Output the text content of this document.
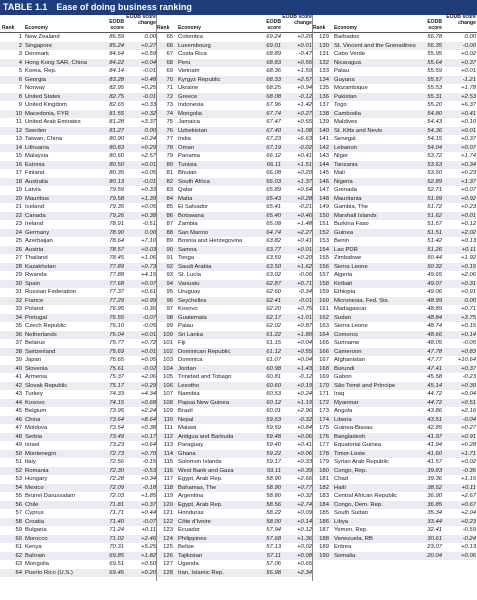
TABLE 1.1 Ease of doing business ranking
Rank	Economy
EODB score
EODB score change
Rank	Economy
EODB score
EODB score change
Rank	Economy
EODB score
EODB score change
1 New Zealand	86.59	0.00	65 Colombia	69.24	+0.20	129 Barbados	56.78	0.00
2 Singapore	85.24	+0.27	66 Luxembourg	69.01	+0.01	130 St. Vincent and the Grenadines	56.35	-0.00
3 Denmark	84.64	+0.59	67 Costa Rica	68.89	-0.47	131 Cabo Verde	55.95	+0.02
4 Hong Kong SAR, China	84.22	+0.04	68 Peru	68.83	+0.56	132 Nicaragua	55.64	+0.37
5 Korea, Rep.	84.14	-0.01	69 Vietnam	68.36	+1.59	133 Palau	55.59	+0.01
6 Georgia	83.28	+0.48	70 Kyrgyz Republic	68.33	+2.57	134 Guyana	55.57	-1.21
7 Norway	82.95	+0.25	71 Ukraine	68.25	+0.94	135 Mozambique	55.53	+1.78
8 United States	82.75	-0.01	72 Greece	68.08	-0.12	136 Pakistan	55.31	+2.53
9 United Kingdom	82.65	+0.33	73 Indonesia	67.96	+1.42	137 Togo	55.20	+6.37
10 Macedonia, FYR	81.55	+0.32	74 Mongolia	67.74	+0.27	138 Cambodia	54.80	+0.41
11 United Arab Emirates	81.28	+3.37	75 Jamaica	67.47	+0.55	139 Maldives	54.43	+0.10
12 Sweden	81.27	0.00	76 Uzbekistan	67.40	+1.08	140 St. Kitts and Nevis	54.36	+0.01
13 Taiwan, China	80.90	+0.24	77 India	67.23	+6.63	141 Senegal	54.15	+0.37
14 Lithuania	80.83	+0.29	78 Oman	67.19	-0.02	142 Lebanon	54.04	+0.07
15 Malaysia	80.60	+2.57	79 Panama	66.12	+0.41	143 Niger	53.72	+1.74
16 Estonia	80.50	+0.01	80 Tunisia	66.11	+1.51	144 Tanzania	53.63	+0.34
17 Finland	80.35	+0.05	81 Bhutan	66.08	+0.20	145 Mali	53.50	+0.23
18 Australia	80.13	-0.01	82 South Africa	66.03	+1.37	146 Nigeria	52.89	+1.37
19 Latvia	79.59	+0.33	83 Qatar	65.89	+0.64	147 Grenada	52.71	+0.07
20 Mauritius	79.58	+1.39	84 Malta	65.43	+0.28	148 Mauritania	51.99	+0.92
21 Iceland	79.35	+0.05	85 El Salvador	65.41	-0.21	149 Gambia, The	51.72	+0.23
22 Canada	79.26	+0.38	86 Botswana	65.40	+0.46	150 Marshall Islands	51.62	+0.01
23 Ireland	78.91	-0.51	87 Zambia	65.08	+1.48	151 Burkina Faso	51.57	+0.12
24 Germany	78.90	0.00	88 San Marino	64.74	+2.27	152 Guinea	51.51	+2.02
25 Azerbaijan	78.64	+7.10	89 Bosnia and Herzegovina	63.82	+0.41	153 Benin	51.42	+0.13
26 Austria	78.57	+0.03	90 Samoa	63.77	+0.01	154 Lao PDR	51.26	+0.11
27 Thailand	78.45	+1.06	91 Tonga	63.59	+0.20	155 Zimbabwe	50.44	+1.92
28 Kazakhstan	77.89	+0.73	92 Saudi Arabia	63.50	+1.62	156 Sierra Leone	50.32	+0.15
29 Rwanda	77.88	+4.15	93 St. Lucia	63.02	-0.06	157 Algeria	49.65	+2.06
30 Spain	77.68	+0.07	94 Vanuatu	62.87	+0.71	158 Kiribati	49.07	+0.31
31 Russian Federation	77.37	+0.61	95 Uruguay	62.60	-0.34	159 Ethiopia	49.06	+0.91
32 France	77.29	+0.99	96 Seychelles	62.41	-0.01	160 Micronesia, Fed. Sts.	48.99	0.00
33 Poland	76.95	-0.36	97 Kosovo	62.20	+0.75	161 Madagascar	48.89	+0.71
34 Portugal	76.55	-0.07	98 Guatemala	62.17	+1.01	162 Sudan	48.84	+3.75
35 Czech Republic	76.10	-0.05	99 Palau	62.02	+0.87	163 Sierra Leone	48.74	+0.15
36 Netherlands	76.04	+0.01	100 Sri Lanka	61.22	+1.80	164 Comoros	48.66	+0.14
37 Belarus	75.77	+0.72	101 Fiji	61.15	+0.04	165 Suriname	48.05	-0.05
38 Switzerland	75.69	+0.01	102 Dominican Republic	61.12	+0.55	166 Cameroon	47.78	+0.83
39 Japan	75.65	+0.05	103 Dominica	61.07	+0.04	167 Afghanistan	47.77	+10.64
40 Slovenia	75.61	-0.02	104 Jordan	60.98	+1.43	168 Burundi	47.41	+0.37
41 Armenia	75.37	+2.06	105 Trinidad and Tobago	60.81	-0.12	169 Gabon	45.58	-0.23
42 Slovak Republic	75.17	+0.29	106 Lesotho	60.60	+0.19	170 São Tomé and Príncipe	45.14	+0.30
43 Turkey	74.33	+4.34	107 Namibia	60.53	+0.24	171 Iraq	44.72	+0.04
44 Kosovo	74.15	+0.68	108 Papua New Guinea	60.12	+1.19	172 Myanmar	44.72	+0.51
45 Belgium	73.95	+2.24	109 Brazil	60.01	+2.96	173 Angola	43.86	+2.16
46 China	73.64	+8.64	110 Nepal	59.63	-0.32	174 Liberia	43.51	-0.04
47 Moldova	73.54	+0.38	111 Malawi	59.59	+0.84	175 Guinea-Bissau	42.85	+0.27
48 Serbia	73.49	+0.17	112 Antigua and Barbuda	59.48	+0.06	176 Bangladesh	41.97	+0.91
49 Israel	73.23	+0.64	113 Paraguay	59.40	+0.41	177 Equatorial Guinea	41.94	+0.28
50 Montenegro	72.73	+0.70	114 Ghana	59.22	+0.06	178 Timor-Leste	41.60	+1.71
51 Italy	72.56	-0.15	115 Solomon Islands	59.17	+0.33	179 Syrian Arab Republic	41.57	+0.02
52 Romania	72.30	-0.53	116 West Bank and Gaza	59.11	+0.39	180 Congo, Rep.	39.83	-0.36
53 Hungary	72.28	+0.34	117 Egypt, Arab Rep.	58.90	+2.66	181 Chad	39.36	+1.15
54 Mexico	72.09	-0.18	118 Bahamas, The	58.90	+0.77	182 Haiti	38.52	+0.11
55 Brunei Darussalam	72.03	+1.85	119 Argentina	58.80	+0.32	183 Central African Republic	36.90	+2.67
56 Chile	71.81	+0.37	120 Egypt, Arab Rep.	58.56	+2.74	184 Congo, Dem. Rep.	36.85	+0.67
57 Cyprus	71.71	+0.44	121 Honduras	58.22	+0.09	185 South Sudan	35.34	+2.04
58 Croatia	71.40	-0.07	122 Côte d'Ivoire	58.00	+0.14	186 Libya	33.44	+0.23
59 Bulgaria	71.24	+0.11	123 Ecuador	57.94	+0.12	187 Yemen, Rep.	32.41	-0.59
60 Morocco	71.02	+2.46	124 Philippines	57.68	+1.36	188 Venezuela, RB	30.61	-0.24
61 Kenya	70.31	+5.25	125 Belize	57.13	+0.02	189 Eritrea	23.07	+0.13
62 Bahrain	69.85	+1.82	126 Tajikistan	57.11	+0.08	190 Somalia	20.04	+0.06
63 Mongolia	69.51	+0.50	127 Uganda	57.06	+0.65
64 Puerto Rico (U.S.)	69.46	+0.20	128 Iran, Islamic Rep.	56.98	+2.34
